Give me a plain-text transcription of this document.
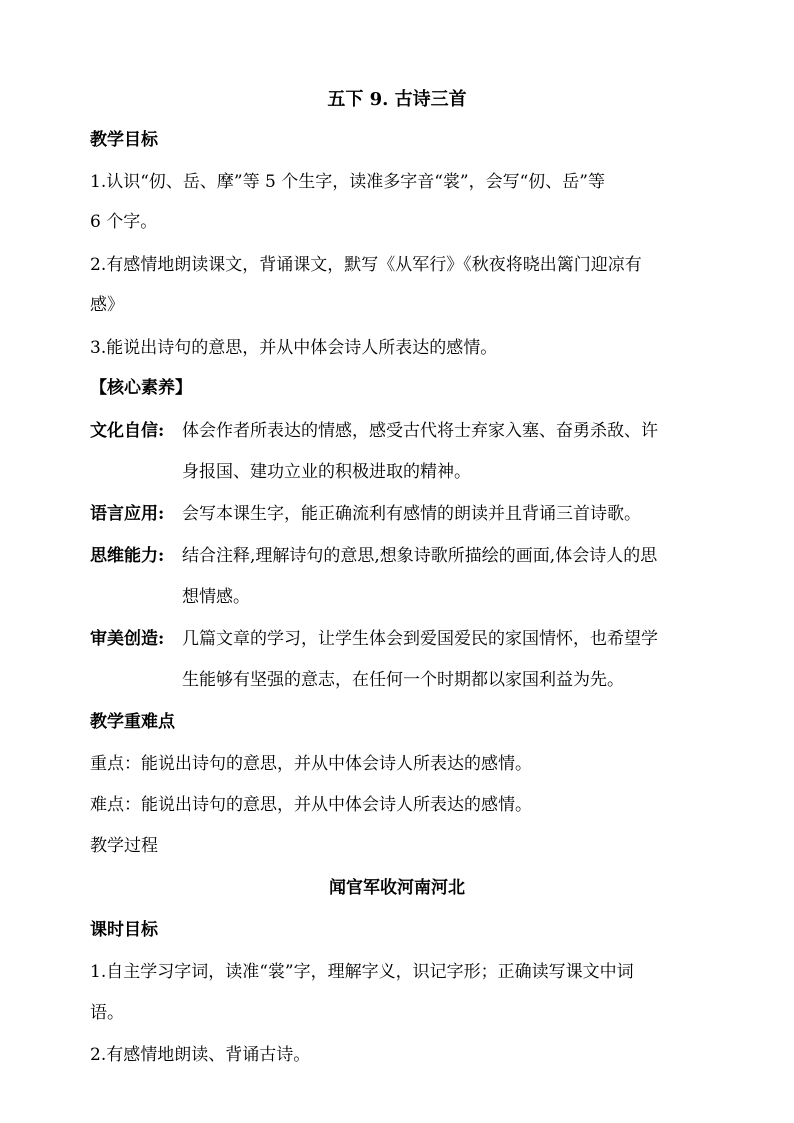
五下 9. 古诗三首
教学目标
1.认识“仞、岳、摩”等 5 个生字，读准多字音“裳”，会写“仞、岳”等
6 个字。
2.有感情地朗读课文，背诵课文，默写《从军行》《秋夜将晓出篱门迎凉有
感》
3.能说出诗句的意思，并从中体会诗人所表达的感情。
【核心素养】
文化自信: 体会作者所表达的情感，感受古代将士弃家入塞、奋勇杀敌、许
身报国、建功立业的积极进取的精神。
语言应用: 会写本课生字，能正确流利有感情的朗读并且背诵三首诗歌。
思维能力: 结合注释,理解诗句的意思,想象诗歌所描绘的画面,体会诗人的思
想情感。
审美创造: 几篇文章的学习，让学生体会到爱国爱民的家国情怀，也希望学
生能够有坚强的意志，在任何一个时期都以家国利益为先。
教学重难点
重点：能说出诗句的意思，并从中体会诗人所表达的感情。
难点：能说出诗句的意思，并从中体会诗人所表达的感情。
教学过程
闻官军收河南河北
课时目标
1.自主学习字词，读准“裳”字，理解字义，识记字形；正确读写课文中词
语。
2.有感情地朗读、背诵古诗。
